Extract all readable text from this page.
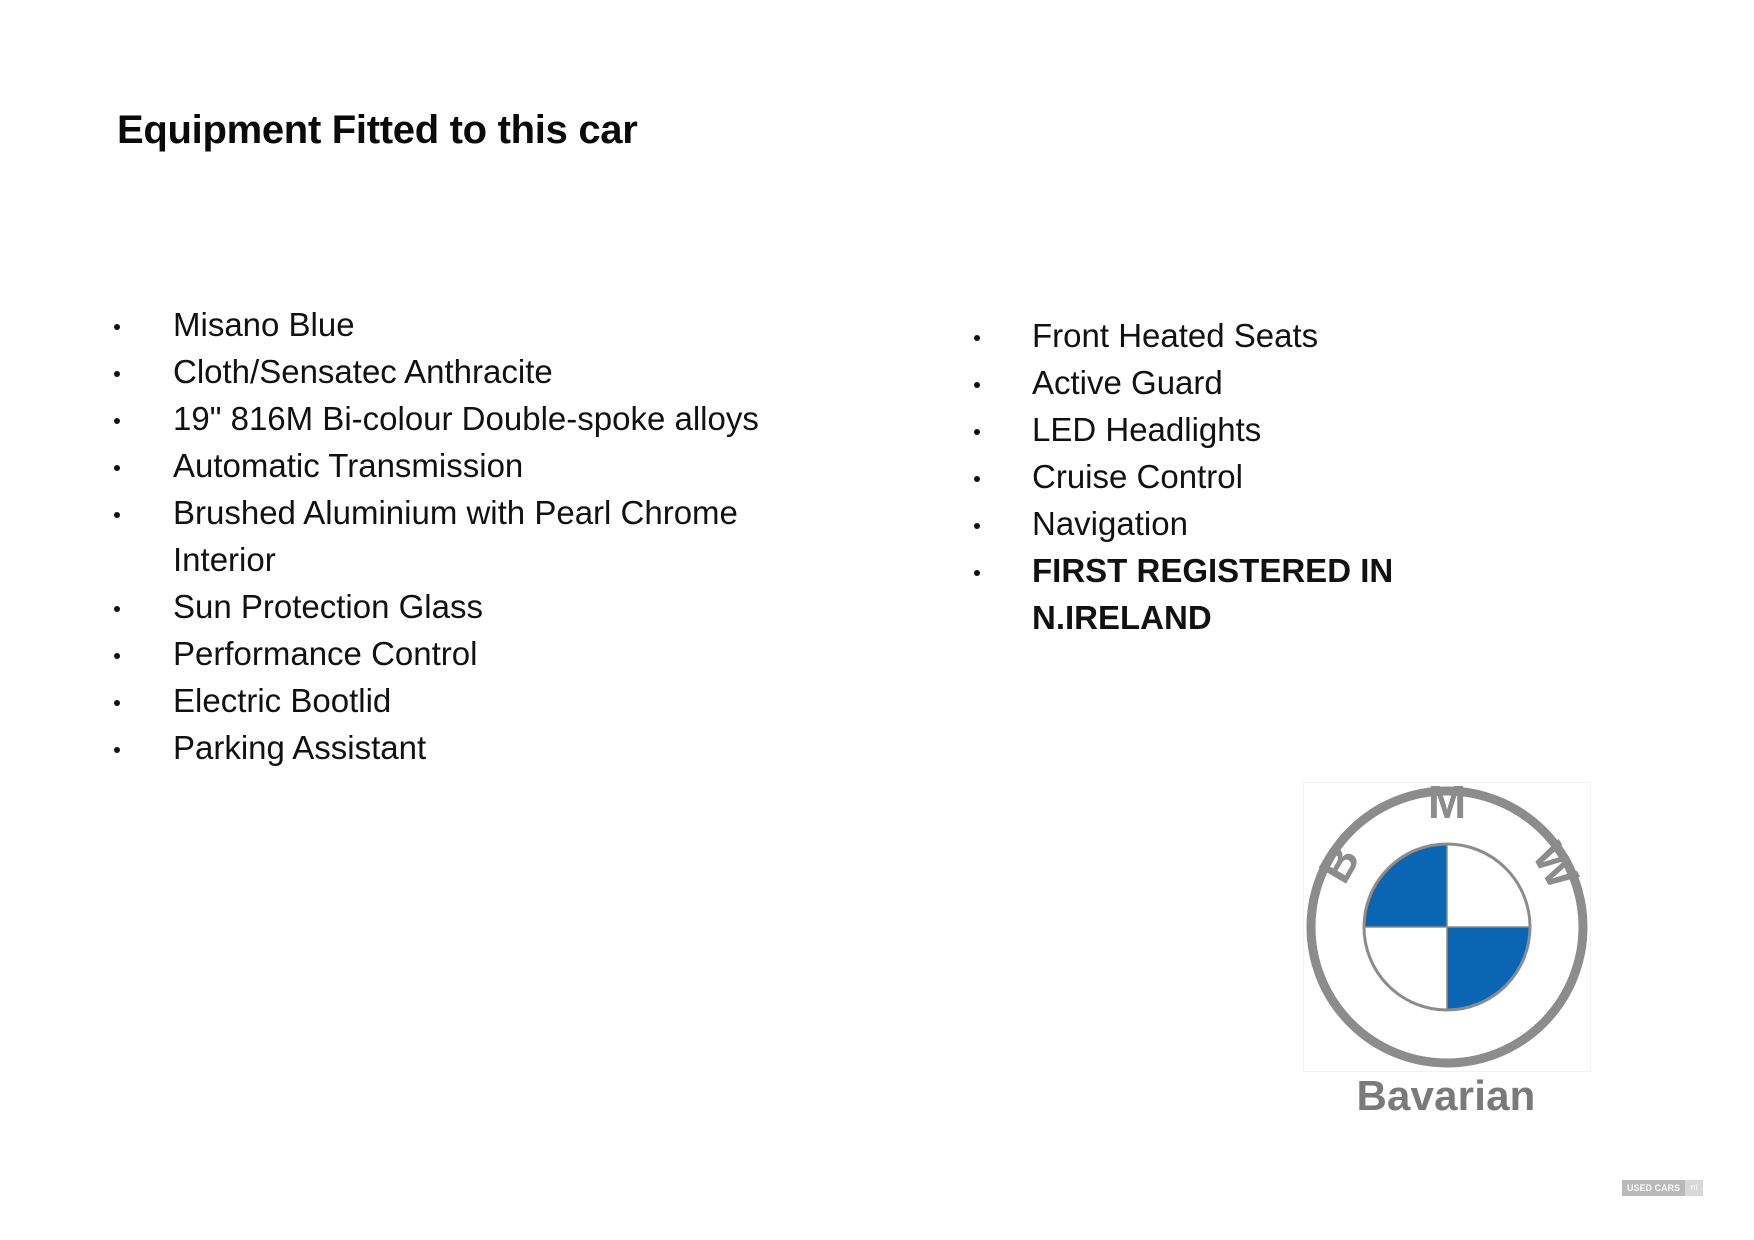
Equipment Fitted to this car
Misano Blue
Cloth/Sensatec Anthracite
19" 816M Bi-colour Double-spoke alloys
Automatic Transmission
Brushed Aluminium with Pearl Chrome Interior
Sun Protection Glass
Performance Control
Electric Bootlid
Parking Assistant
Front Heated Seats
Active Guard
LED Headlights
Cruise Control
Navigation
FIRST REGISTERED IN N.IRELAND
B
M
W
Bavarian
USED CARS	ni
